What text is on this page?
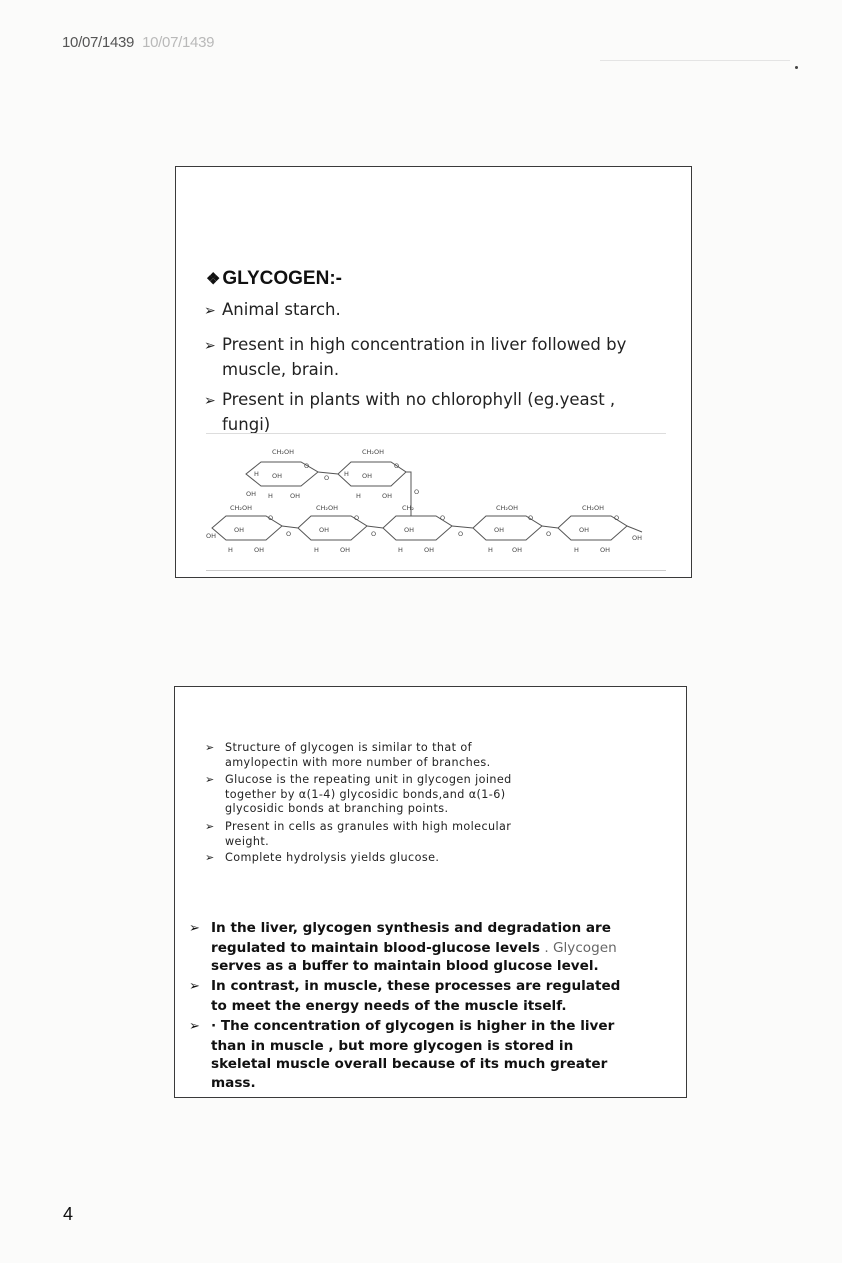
10/07/1439 10/07/1439
❖ GLYCOGEN:-
➢ Animal starch.
➢ Present in high concentration in liver followed by
muscle, brain.
➢ Present in plants with no chlorophyll (eg.yeast ,
fungi)
CH₂OH	CH₂OH
O	O
O
O
H	H
OH	OH
OH H	OH	H	OH
CH₂OH	CH₂OH	CH₂	CH₂OH	CH₂OH
O	O	O	O	O
O	O	O	O	OH
OH
OH	OH	OH	OH	OH
H	OH	H	OH	H	OH	H	OH	H	OH
➢ Structure of glycogen is similar to that of
amylopectin with more number of branches.
➢ Glucose is the repeating unit in glycogen joined
together by α(1-4) glycosidic bonds,and α(1-6)
glycosidic bonds at branching points.
➢ Present in cells as granules with high molecular
weight.
➢ Complete hydrolysis yields glucose.
➢ In the liver, glycogen synthesis and degradation are
regulated to maintain blood-glucose levels . Glycogen
serves as a buffer to maintain blood glucose level.
➢ In contrast, in muscle, these processes are regulated
to meet the energy needs of the muscle itself.
➢ · The concentration of glycogen is higher in the liver
than in muscle , but more glycogen is stored in
skeletal muscle overall because of its much greater
mass.
4
